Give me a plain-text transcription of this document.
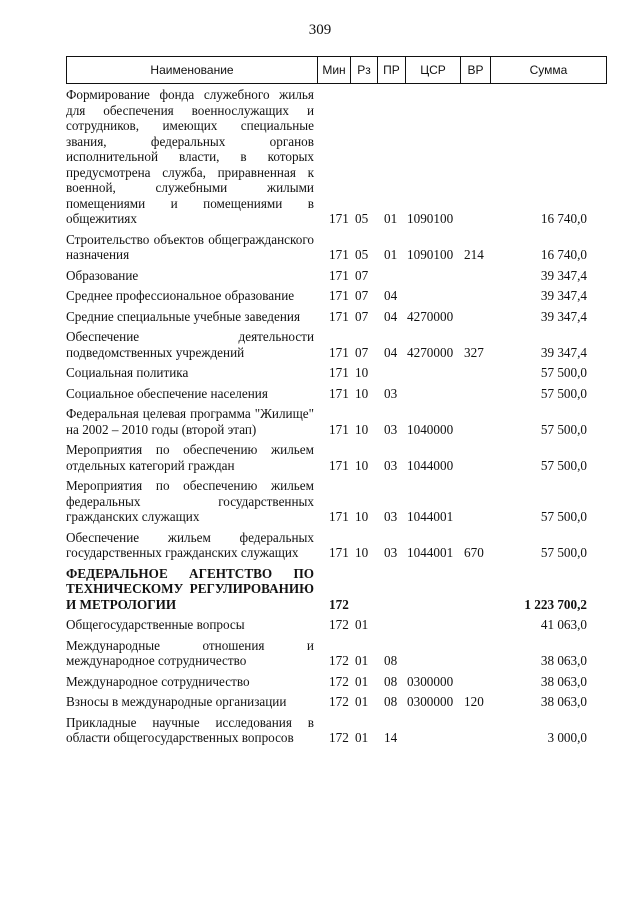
309
Наименование	Мин Рз	ПР	ЦСР	ВР	Сумма
Формирование фонда служебного жилья для обеспечения военнослужащих и сотрудников, имеющих специальные звания, федеральных органов исполнительной власти, в которых предусмотрена служба, приравненная к военной, служебными жилыми помещениями и помещениями в общежитиях	171 05 01 1090100	16 740,0
Строительство объектов общегражданского назначения	171 05 01 1090100 214	16 740,0
Образование	171 07	39 347,4
Среднее профессиональное образование	171 07 04	39 347,4
Средние специальные учебные заведения	171 07 04 4270000	39 347,4
Обеспечение деятельности подведомственных учреждений	171 07 04 4270000 327	39 347,4
Социальная политика	171 10	57 500,0
Социальное обеспечение населения	171 10 03	57 500,0
Федеральная целевая программа "Жилище" на 2002 – 2010 годы (второй этап)	171 10 03 1040000	57 500,0
Мероприятия по обеспечению жильем отдельных категорий граждан	171 10 03 1044000	57 500,0
Мероприятия по обеспечению жильем федеральных государственных гражданских служащих	171 10 03 1044001	57 500,0
Обеспечение жильем федеральных государственных гражданских служащих	171 10 03 1044001 670	57 500,0
ФЕДЕРАЛЬНОЕ АГЕНТСТВО ПО ТЕХНИЧЕСКОМУ РЕГУЛИРОВАНИЮ И МЕТРОЛОГИИ	172	1 223 700,2
Общегосударственные вопросы	172 01	41 063,0
Международные отношения и международное сотрудничество	172 01 08	38 063,0
Международное сотрудничество	172 01 08 0300000	38 063,0
Взносы в международные организации	172 01 08 0300000 120	38 063,0
Прикладные научные исследования в области общегосударственных вопросов	172 01 14	3 000,0
